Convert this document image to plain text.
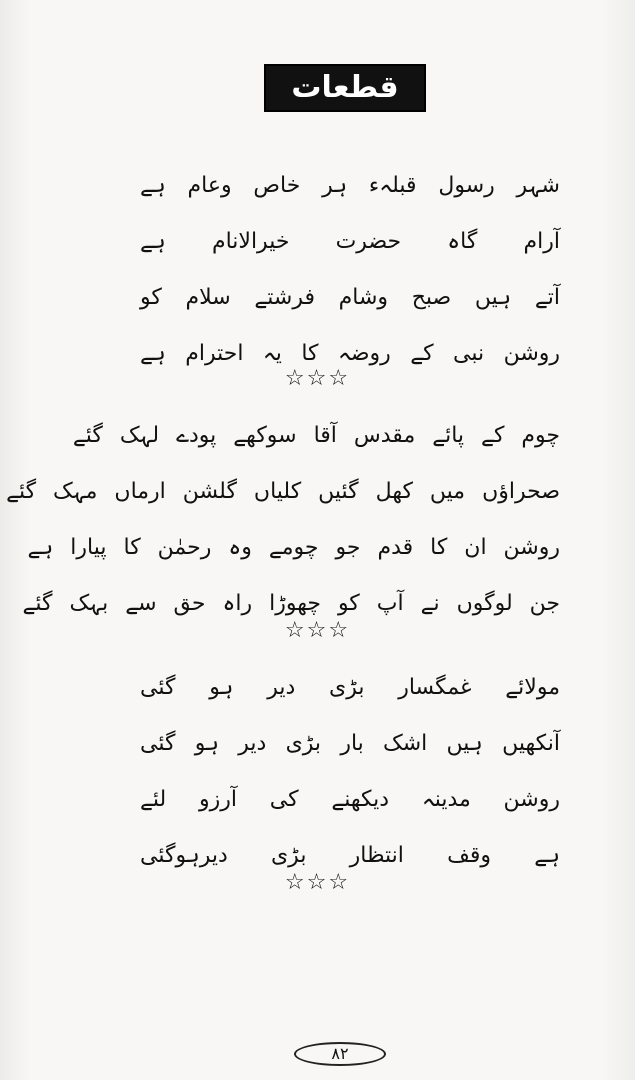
قطعات
شہر رسول قبلہء ہر خاص وعام ہے
آرام گاہ حضرت خیرالانام ہے
آتے ہیں صبح وشام فرشتے سلام کو
روشن نبی کے روضہ کا یہ احترام ہے
☆☆☆
چوم کے پائے مقدس آقا سوکھے پودے لہک گئے
صحراؤں میں کھل گئیں کلیاں گلشن ارماں مہک گئے
روشن ان کا قدم جو چومے وہ رحمٰن کا پیارا ہے
جن لوگوں نے آپ کو چھوڑا راہ حق سے بہک گئے
☆☆☆
مولائے غمگسار بڑی دیر ہو گئی
آنکھیں ہیں اشک بار بڑی دیر ہو گئی
روشن مدینہ دیکھنے کی آرزو لئے
ہے وقف انتظار بڑی دیرہوگئی
☆☆☆
۸۲
